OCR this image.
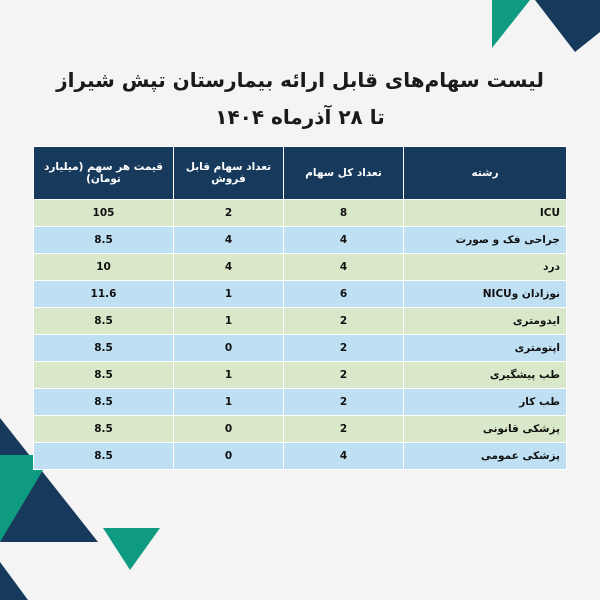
لیست سهام‌های قابل ارائه بیمارستان تپش شیراز
تا ۲۸ آذرماه ۱۴۰۴
رشته	تعداد کل سهام	تعداد سهام قابل فروش	قیمت هر سهم (میلیارد تومان)
ICU	8	2	105
جراحی فک و صورت	4	4	8.5
درد	4	4	10
نوزادان وNICU	6	1	11.6
ایدومتری	2	1	8.5
اپتومتری	2	0	8.5
طب پیشگیری	2	1	8.5
طب کار	2	1	8.5
پزشکی قانونی	2	0	8.5
پزشکی عمومی	4	0	8.5
